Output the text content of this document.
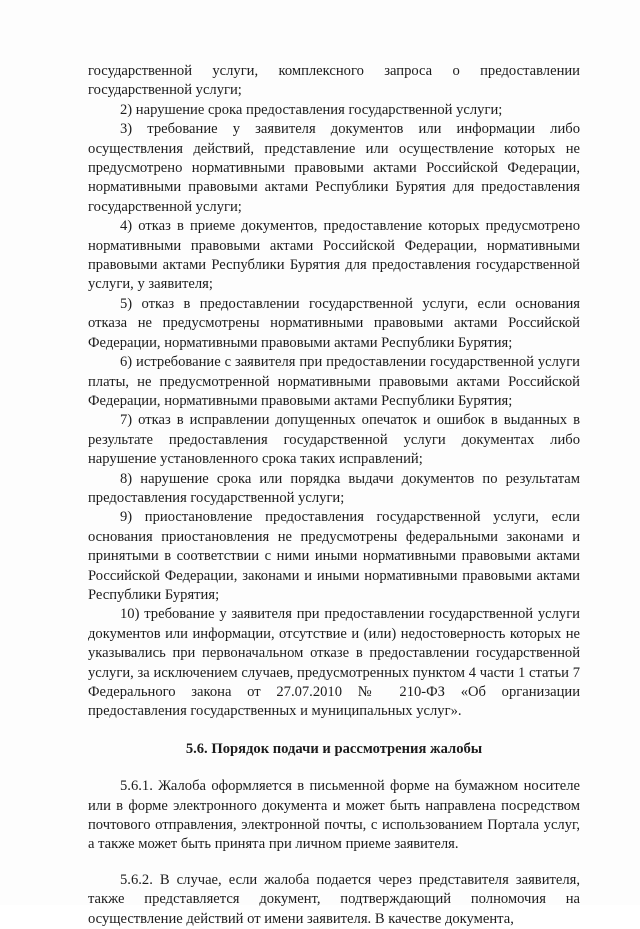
государственной услуги, комплексного запроса о предоставлении государственной услуги;

2) нарушение срока предоставления государственной услуги;

3) требование у заявителя документов или информации либо осуществления действий, представление или осуществление которых не предусмотрено нормативными правовыми актами Российской Федерации, нормативными правовыми актами Республики Бурятия для предоставления государственной услуги;

4) отказ в приеме документов, предоставление которых предусмотрено нормативными правовыми актами Российской Федерации, нормативными правовыми актами Республики Бурятия для предоставления государственной услуги, у заявителя;

5) отказ в предоставлении государственной услуги, если основания отказа не предусмотрены нормативными правовыми актами Российской Федерации, нормативными правовыми актами Республики Бурятия;

6) истребование с заявителя при предоставлении государственной услуги платы, не предусмотренной нормативными правовыми актами Российской Федерации, нормативными правовыми актами Республики Бурятия;

7) отказ в исправлении допущенных опечаток и ошибок в выданных в результате предоставления государственной услуги документах либо нарушение установленного срока таких исправлений;

8) нарушение срока или порядка выдачи документов по результатам предоставления государственной услуги;

9) приостановление предоставления государственной услуги, если основания приостановления не предусмотрены федеральными законами и принятыми в соответствии с ними иными нормативными правовыми актами Российской Федерации, законами и иными нормативными правовыми актами Республики Бурятия;

10) требование у заявителя при предоставлении государственной услуги документов или информации, отсутствие и (или) недостоверность которых не указывались при первоначальном отказе в предоставлении государственной услуги, за исключением случаев, предусмотренных пунктом 4 части 1 статьи 7 Федерального закона от 27.07.2010 № 210-ФЗ «Об организации предоставления государственных и муниципальных услуг».

5.6. Порядок подачи и рассмотрения жалобы

5.6.1. Жалоба оформляется в письменной форме на бумажном носителе или в форме электронного документа и может быть направлена посредством почтового отправления, электронной почты, с использованием Портала услуг, а также может быть принята при личном приеме заявителя.

5.6.2. В случае, если жалоба подается через представителя заявителя, также представляется документ, подтверждающий полномочия на осуществление действий от имени заявителя. В качестве документа,
